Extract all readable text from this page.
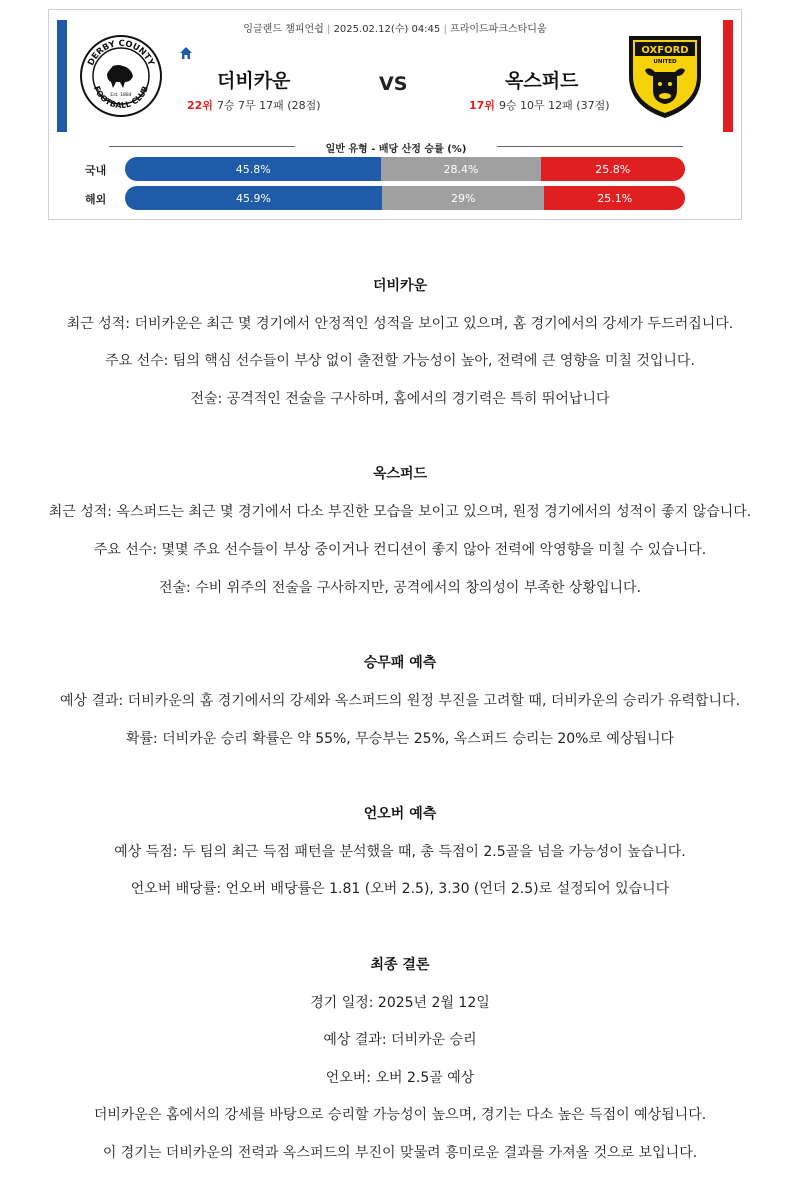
잉글랜드 챔피언쉽 | 2025.02.12(수) 04:45 | 프라이드파크스타디움
DERBY COUNTY
FOOTBALL CLUB
Est. 1884
더비카운	VS	옥스퍼드
22위 7승 7무 17패 (28점)	17위 9승 10무 12패 (37점)
OXFORD
UNITED
일반 유형 - 배당 산정 승률 (%)
국내	45.8%	28.4%	25.8%
해외	45.9%	29%	25.1%
더비카운
최근 성적: 더비카운은 최근 몇 경기에서 안정적인 성적을 보이고 있으며, 홈 경기에서의 강세가 두드러집니다.
주요 선수: 팀의 핵심 선수들이 부상 없이 출전할 가능성이 높아, 전력에 큰 영향을 미칠 것입니다.
전술: 공격적인 전술을 구사하며, 홈에서의 경기력은 특히 뛰어납니다
옥스퍼드
최근 성적: 옥스퍼드는 최근 몇 경기에서 다소 부진한 모습을 보이고 있으며, 원정 경기에서의 성적이 좋지 않습니다.
주요 선수: 몇몇 주요 선수들이 부상 중이거나 컨디션이 좋지 않아 전력에 악영향을 미칠 수 있습니다.
전술: 수비 위주의 전술을 구사하지만, 공격에서의 창의성이 부족한 상황입니다.
승무패 예측
예상 결과: 더비카운의 홈 경기에서의 강세와 옥스퍼드의 원정 부진을 고려할 때, 더비카운의 승리가 유력합니다.
확률: 더비카운 승리 확률은 약 55%, 무승부는 25%, 옥스퍼드 승리는 20%로 예상됩니다
언오버 예측
예상 득점: 두 팀의 최근 득점 패턴을 분석했을 때, 총 득점이 2.5골을 넘을 가능성이 높습니다.
언오버 배당률: 언오버 배당률은 1.81 (오버 2.5), 3.30 (언더 2.5)로 설정되어 있습니다
최종 결론
경기 일정: 2025년 2월 12일
예상 결과: 더비카운 승리
언오버: 오버 2.5골 예상
더비카운은 홈에서의 강세를 바탕으로 승리할 가능성이 높으며, 경기는 다소 높은 득점이 예상됩니다.
이 경기는 더비카운의 전력과 옥스퍼드의 부진이 맞물려 흥미로운 결과를 가져올 것으로 보입니다.
